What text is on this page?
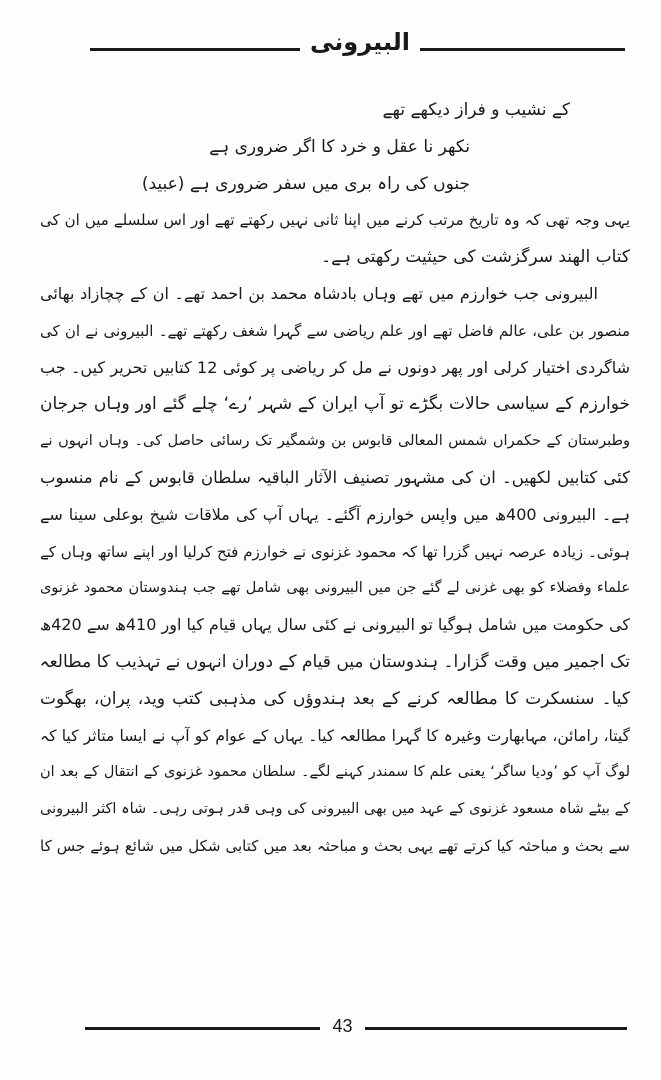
البیرونی
کے نشیب و فراز دیکھے تھے
نکھر نا عقل و خرد کا اگر ضروری ہے
جنوں کی راہ بری میں سفر ضروری ہے (عبید)
یہی وجہ تھی کہ وہ تاریخ مرتب کرنے میں اپنا ثانی نہیں رکھتے تھے اور اس سلسلے میں ان کی
کتاب الهند سرگزشت کی حیثیت رکھتی ہے۔
البیرونی جب خوارزم میں تھے وہاں بادشاہ محمد بن احمد تھے۔ ان کے چچازاد بھائی
منصور بن علی، عالم فاضل تھے اور علم ریاضی سے گہرا شغف رکھتے تھے۔ البیرونی نے ان کی
شاگردی اختیار کرلی اور پھر دونوں نے مل کر ریاضی پر کوئی 12 کتابیں تحریر کیں۔ جب
خوارزم کے سیاسی حالات بگڑے تو آپ ایران کے شہر ’رے‘ چلے گئے اور وہاں جرجان
وطبرستان کے حکمراں شمس المعالی قابوس بن وشمگیر تک رسائی حاصل کی۔ وہاں انہوں نے
کئی کتابیں لکھیں۔ ان کی مشہور تصنیف الآثار الباقیہ سلطان قابوس کے نام منسوب
ہے۔ البیرونی 400ھ میں واپس خوارزم آگئے۔ یہاں آپ کی ملاقات شیخ بوعلی سینا سے
ہوئی۔ زیادہ عرصہ نہیں گزرا تھا کہ محمود غزنوی نے خوارزم فتح کرلیا اور اپنے ساتھ وہاں کے
علماء وفضلاء کو بھی غزنی لے گئے جن میں البیرونی بھی شامل تھے جب ہندوستان محمود غزنوی
کی حکومت میں شامل ہوگیا تو البیرونی نے کئی سال یہاں قیام کیا اور 410ھ سے 420ھ
تک اجمیر میں وقت گزارا۔ ہندوستان میں قیام کے دوران انہوں نے تہذیب کا مطالعہ
کیا۔ سنسکرت کا مطالعہ کرنے کے بعد ہندوؤں کی مذہبی کتب وید، پران، بھگوت
گیتا، رامائن، مہابھارت وغیرہ کا گہرا مطالعہ کیا۔ یہاں کے عوام کو آپ نے ایسا متاثر کیا کہ
لوگ آپ کو ’ودیا ساگر‘ یعنی علم کا سمندر کہنے لگے۔ سلطان محمود غزنوی کے انتقال کے بعد ان
کے بیٹے شاہ مسعود غزنوی کے عہد میں بھی البیرونی کی وہی قدر ہوتی رہی۔ شاہ اکثر البیرونی
سے بحث و مباحثہ کیا کرتے تھے یہی بحث و مباحثہ بعد میں کتابی شکل میں شائع ہوئے جس کا
43
